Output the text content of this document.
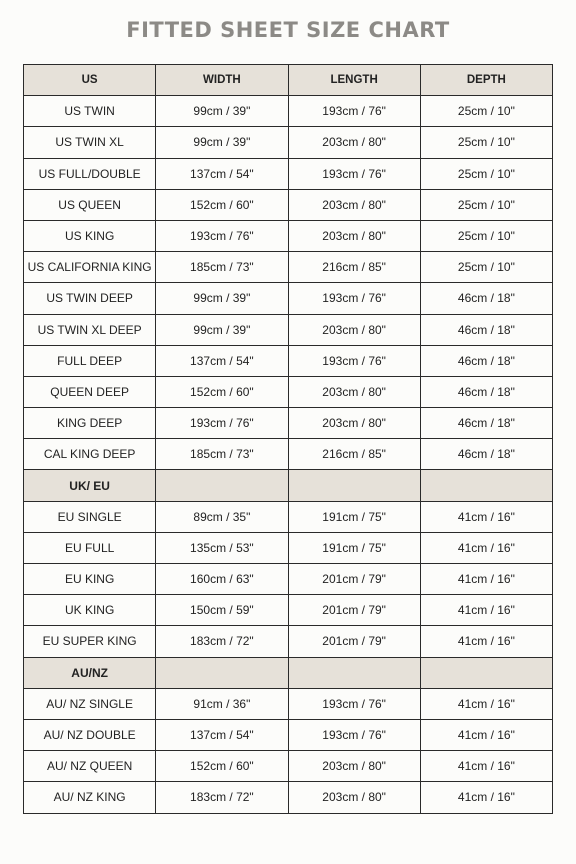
FITTED SHEET SIZE CHART
US	WIDTH	LENGTH	DEPTH
US TWIN	99cm / 39"	193cm / 76"	25cm / 10"
US TWIN XL	99cm / 39"	203cm / 80"	25cm / 10"
US FULL/DOUBLE	137cm / 54"	193cm / 76"	25cm / 10"
US QUEEN	152cm / 60"	203cm / 80"	25cm / 10"
US KING	193cm / 76"	203cm / 80"	25cm / 10"
US CALIFORNIA KING	185cm / 73"	216cm / 85"	25cm / 10"
US TWIN DEEP	99cm / 39"	193cm / 76"	46cm / 18"
US TWIN XL DEEP	99cm / 39"	203cm / 80"	46cm / 18"
FULL DEEP	137cm / 54"	193cm / 76"	46cm / 18"
QUEEN DEEP	152cm / 60"	203cm / 80"	46cm / 18"
KING DEEP	193cm / 76"	203cm / 80"	46cm / 18"
CAL KING DEEP	185cm / 73"	216cm / 85"	46cm / 18"
UK/ EU			
EU SINGLE	89cm / 35"	191cm / 75"	41cm / 16"
EU FULL	135cm / 53"	191cm / 75"	41cm / 16"
EU KING	160cm / 63"	201cm / 79"	41cm / 16"
UK KING	150cm / 59"	201cm / 79"	41cm / 16"
EU SUPER KING	183cm / 72"	201cm / 79"	41cm / 16"
AU/NZ			
AU/ NZ SINGLE	91cm / 36"	193cm / 76"	41cm / 16"
AU/ NZ DOUBLE	137cm / 54"	193cm / 76"	41cm / 16"
AU/ NZ QUEEN	152cm / 60"	203cm / 80"	41cm / 16"
AU/ NZ KING	183cm / 72"	203cm / 80"	41cm / 16"
